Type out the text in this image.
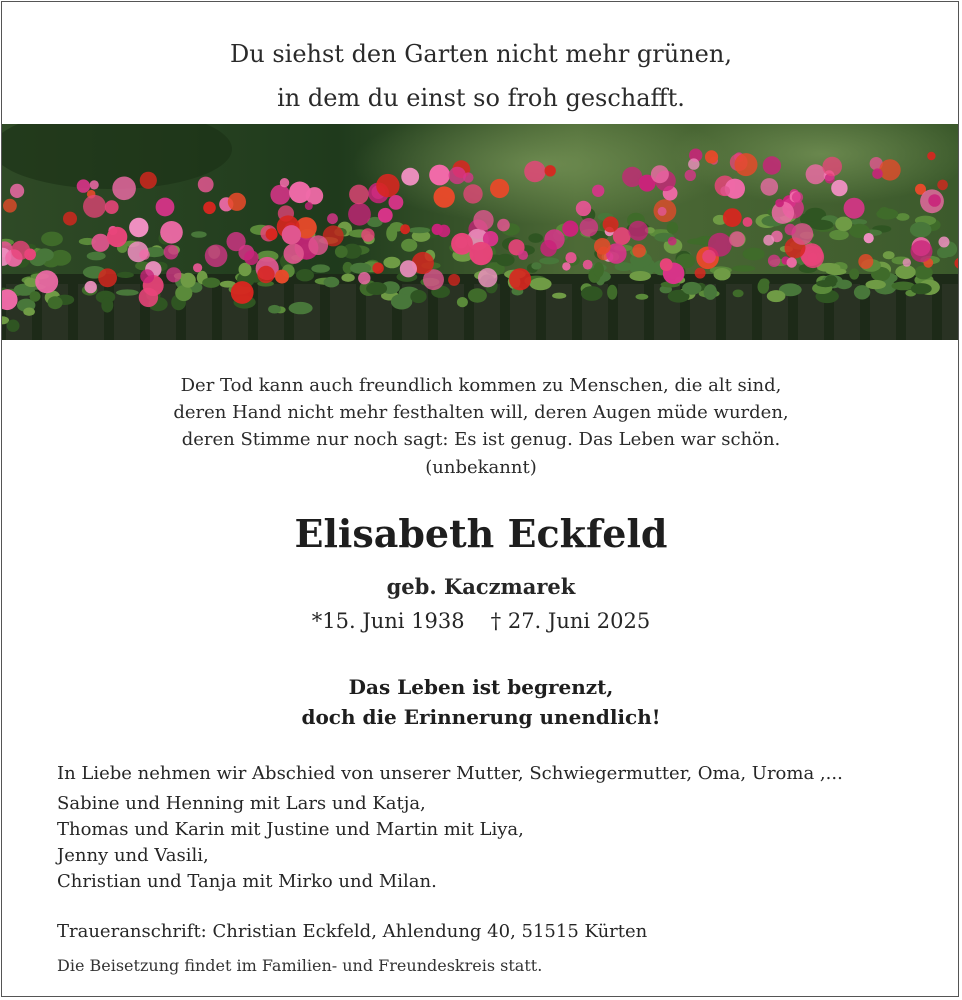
Du siehst den Garten nicht mehr grünen,
in dem du einst so froh geschafft.
Der Tod kann auch freundlich kommen zu Menschen, die alt sind,
deren Hand nicht mehr festhalten will, deren Augen müde wurden,
deren Stimme nur noch sagt: Es ist genug. Das Leben war schön.
(unbekannt)
Elisabeth Eckfeld
geb. Kaczmarek
*15. Juni 1938 † 27. Juni 2025
Das Leben ist begrenzt,
doch die Erinnerung unendlich!
In Liebe nehmen wir Abschied von unserer Mutter, Schwiegermutter, Oma, Uroma ,...
Sabine und Henning mit Lars und Katja,
Thomas und Karin mit Justine und Martin mit Liya,
Jenny und Vasili,
Christian und Tanja mit Mirko und Milan.
Traueranschrift: Christian Eckfeld, Ahlendung 40, 51515 Kürten
Die Beisetzung findet im Familien- und Freundeskreis statt.
